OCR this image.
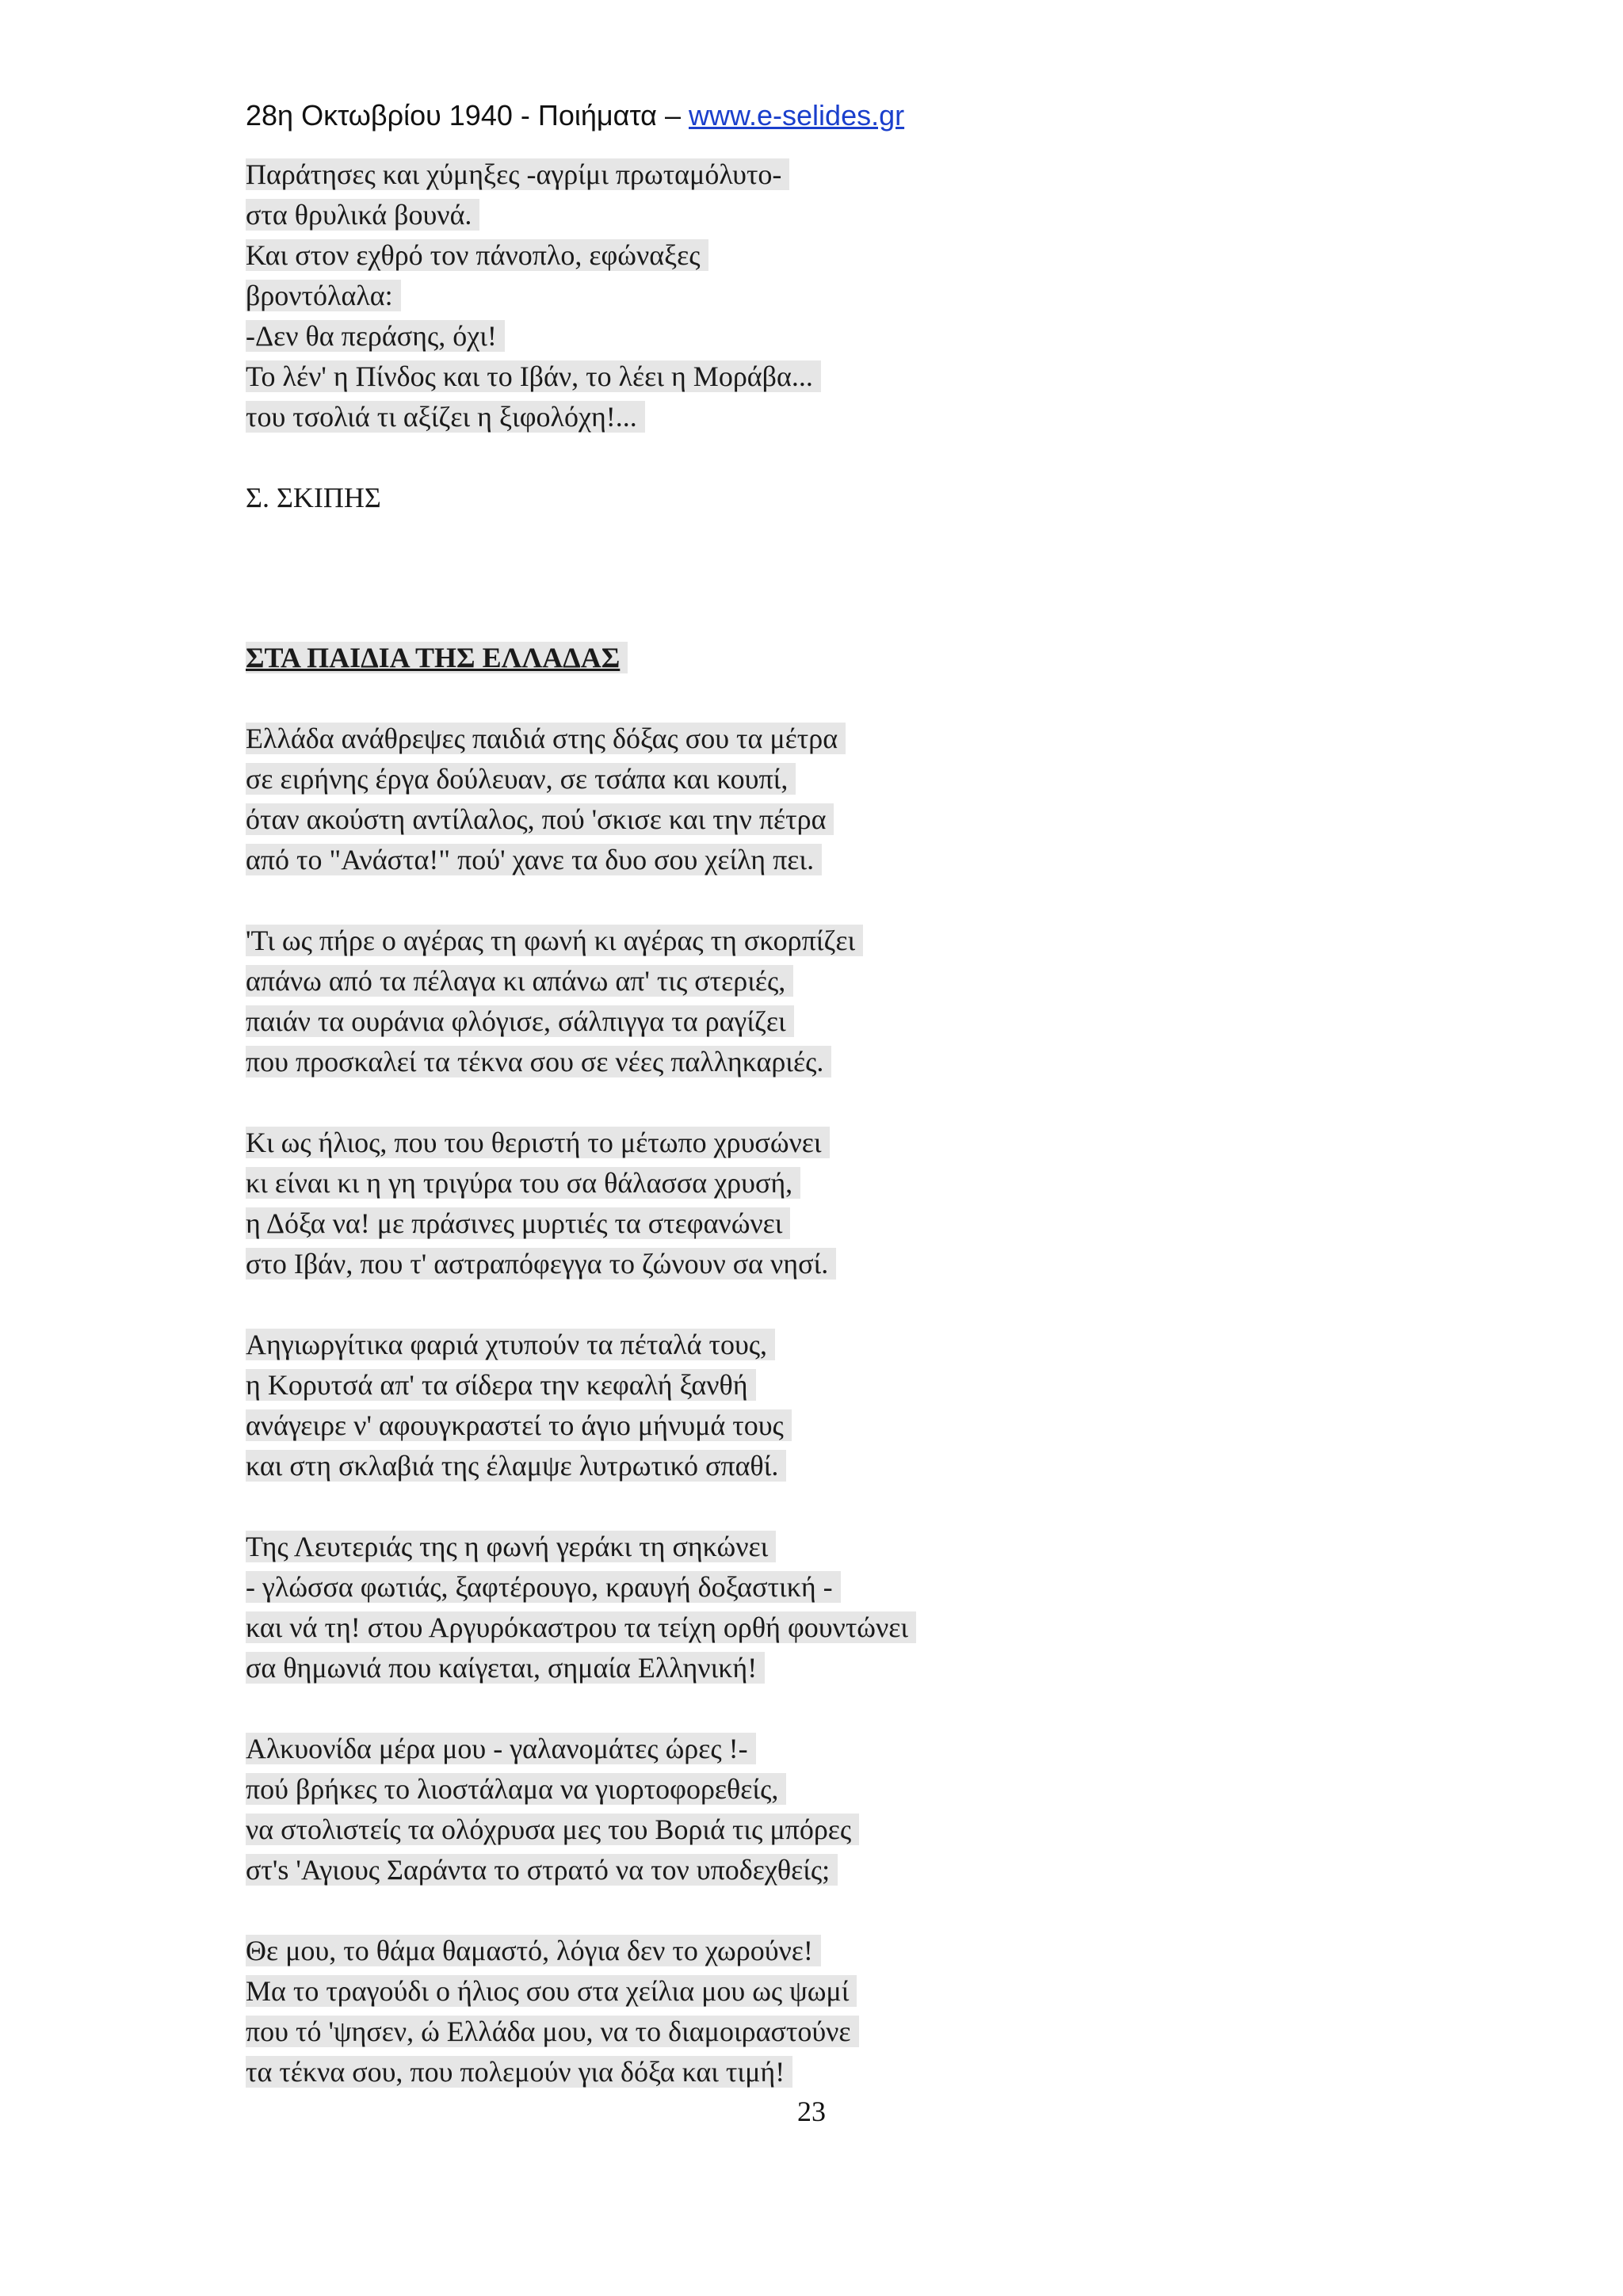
28η Οκτωβρίου 1940 - Ποιήματα – www.e-selides.gr
Παράτησες και χύμηξες -αγρίμι πρωταμόλυτο-
στα θρυλικά βουνά.
Και στον εχθρό τον πάνοπλο, εφώναξες
βροντόλαλα:
-Δεν θα περάσης, όχι!
Το λέν' η Πίνδος και το Ιβάν, το λέει η Μοράβα...
του τσολιά τι αξίζει η ξιφολόχη!...
Σ. ΣΚΙΠΗΣ
ΣΤΑ ΠΑΙΔΙΑ ΤΗΣ ΕΛΛΑΔΑΣ
Ελλάδα ανάθρεψες παιδιά στης δόξας σου τα μέτρα
σε ειρήνης έργα δούλευαν, σε τσάπα και κουπί,
όταν ακούστη αντίλαλος, πού 'σκισε και την πέτρα
από το "Ανάστα!" πού' χανε τα δυο σου χείλη πει.
'Τι ως πήρε ο αγέρας τη φωνή κι αγέρας τη σκορπίζει
απάνω από τα πέλαγα κι απάνω απ' τις στεριές,
παιάν τα ουράνια φλόγισε, σάλπιγγα τα ραγίζει
που προσκαλεί τα τέκνα σου σε νέες παλληκαριές.
Κι ως ήλιος, που του θεριστή το μέτωπο χρυσώνει
κι είναι κι η γη τριγύρα του σα θάλασσα χρυσή,
η Δόξα να! με πράσινες μυρτιές τα στεφανώνει
στο Ιβάν, που τ' αστραπόφεγγα το ζώνουν σα νησί.
Αηγιωργίτικα φαριά χτυπούν τα πέταλά τους,
η Κορυτσά απ' τα σίδερα την κεφαλή ξανθή
ανάγειρε ν' αφουγκραστεί το άγιο μήνυμά τους
και στη σκλαβιά της έλαμψε λυτρωτικό σπαθί.
Της Λευτεριάς της η φωνή γεράκι τη σηκώνει
- γλώσσα φωτιάς, ξαφτέρουγο, κραυγή δοξαστική -
και νά τη! στου Αργυρόκαστρου τα τείχη ορθή φουντώνει
σα θημωνιά που καίγεται, σημαία Ελληνική!
Αλκυονίδα μέρα μου - γαλανομάτες ώρες !-
πού βρήκες το λιοστάλαμα να γιορτοφορεθείς,
να στολιστείς τα ολόχρυσα μες του Βοριά τις μπόρες
στ's 'Αγιους Σαράντα το στρατό να τον υποδεχθείς;
Θε μου, το θάμα θαμαστό, λόγια δεν το χωρούνε!
Μα το τραγούδι ο ήλιος σου στα χείλια μου ως ψωμί
που τό 'ψησεν, ώ Ελλάδα μου, να το διαμοιραστούνε
τα τέκνα σου, που πολεμούν για δόξα και τιμή!
23
